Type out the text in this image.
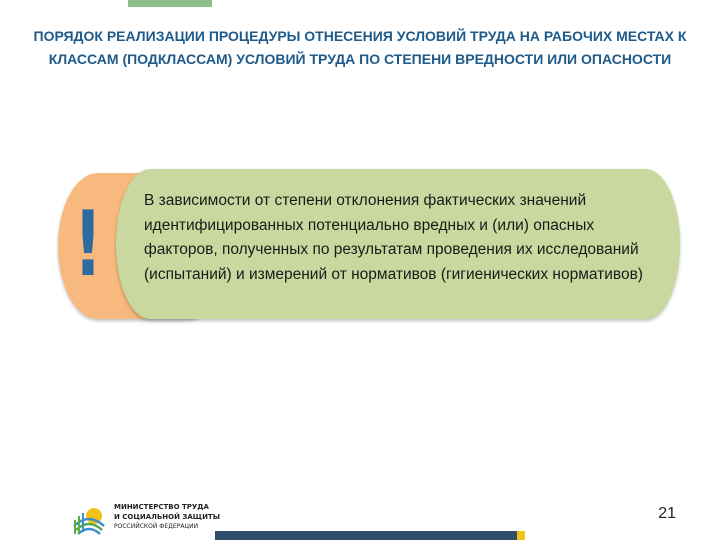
ПОРЯДОК РЕАЛИЗАЦИИ ПРОЦЕДУРЫ ОТНЕСЕНИЯ УСЛОВИЙ ТРУДА НА РАБОЧИХ МЕСТАХ К КЛАССАМ (ПОДКЛАССАМ) УСЛОВИЙ ТРУДА ПО СТЕПЕНИ ВРЕДНОСТИ ИЛИ ОПАСНОСТИ
!	В зависимости от степени отклонения фактических значений идентифицированных потенциально вредных и (или) опасных факторов, полученных по результатам проведения их исследований (испытаний) и измерений от нормативов (гигиенических нормативов)

МИНИСТЕРСТВО ТРУДА
И СОЦИАЛЬНОЙ ЗАЩИТЫ
РОССИЙСКОЙ ФЕДЕРАЦИИ
21
